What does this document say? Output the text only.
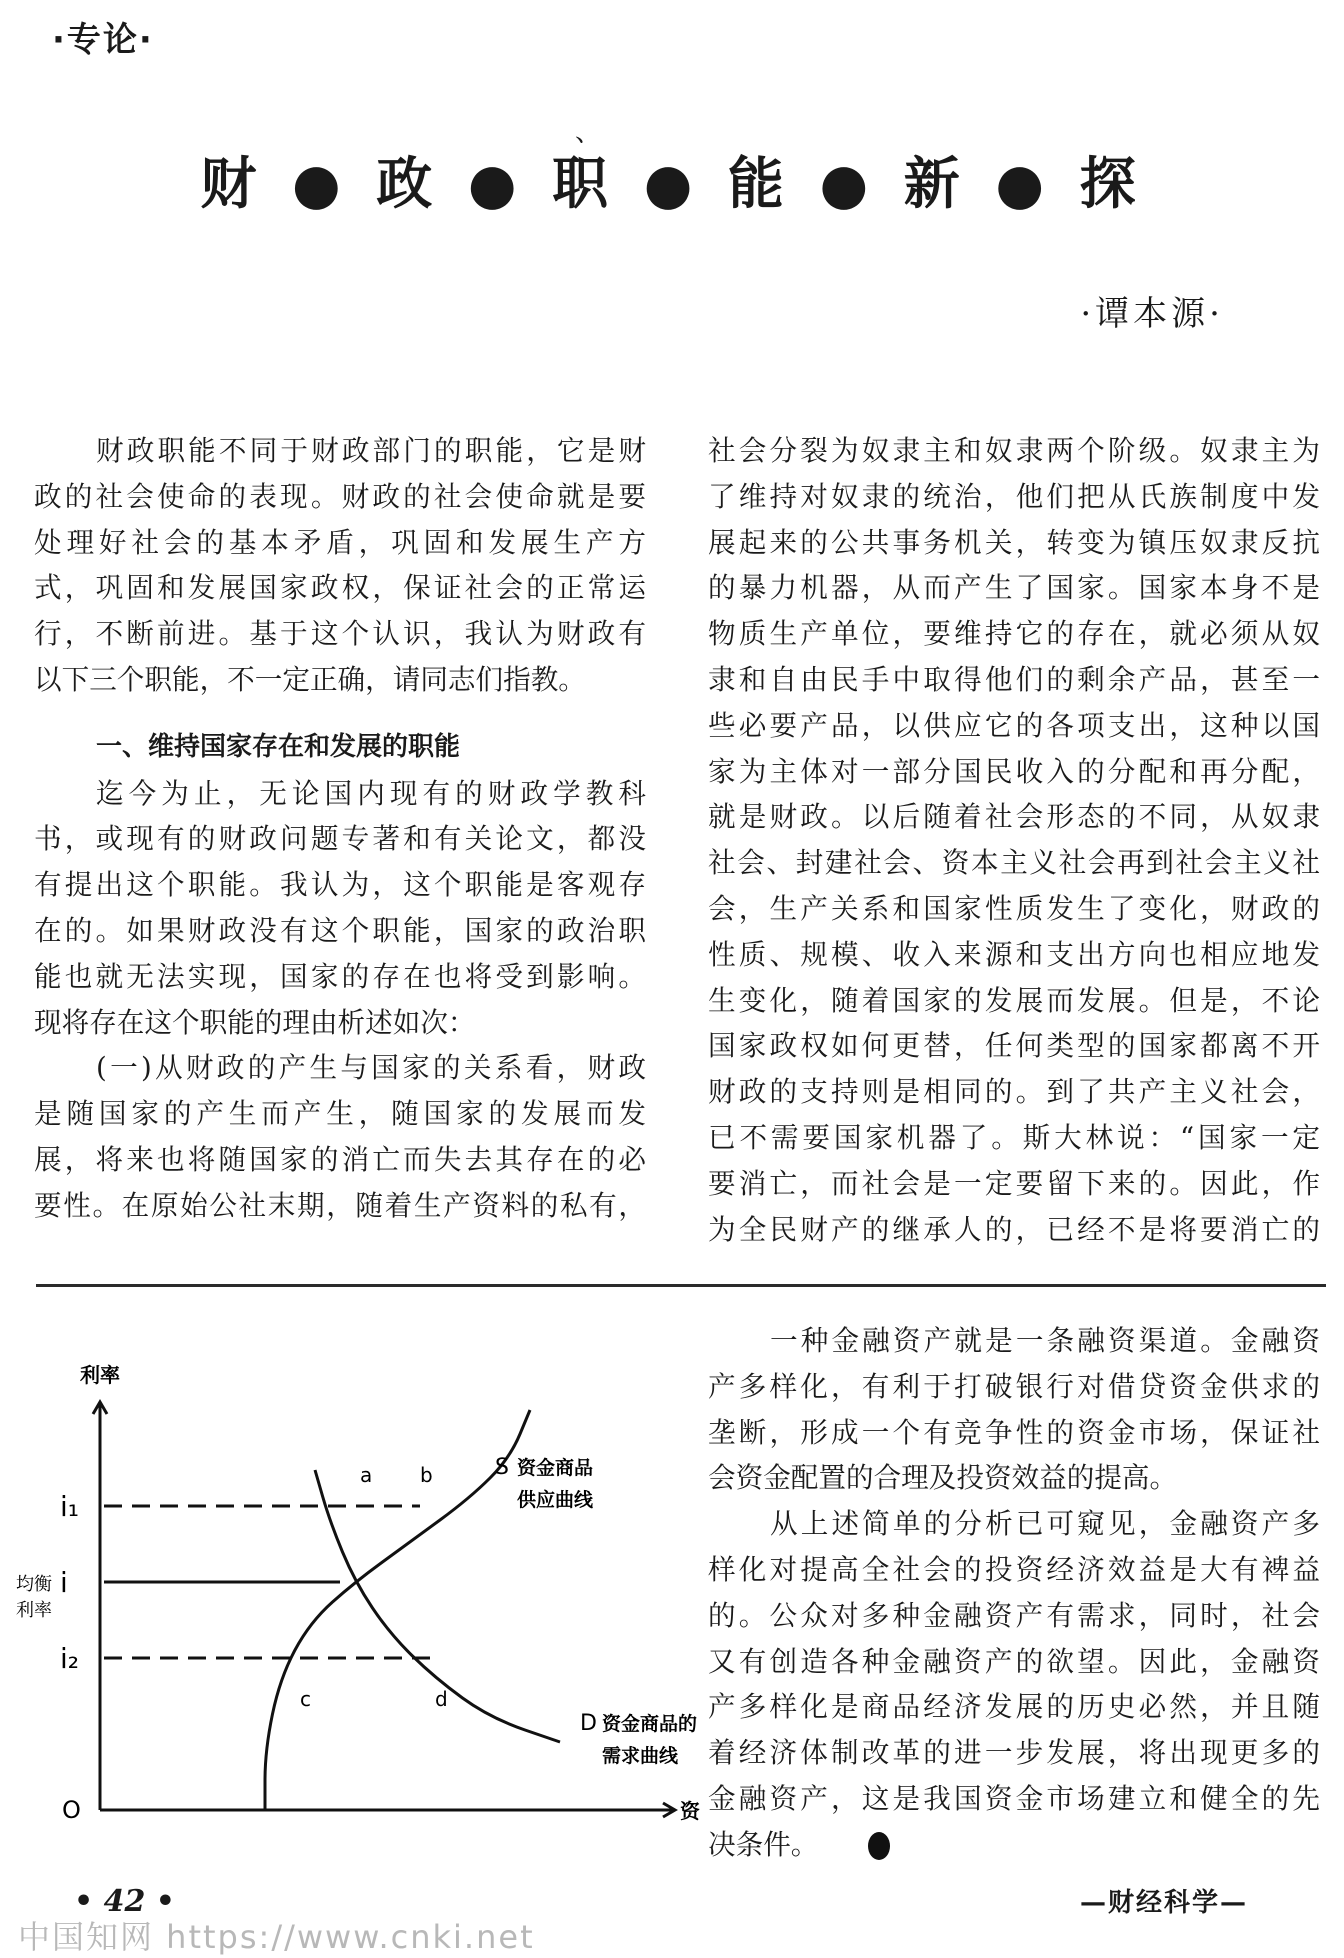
·专论·
、
财 ● 政 ● 职 ● 能 ● 新 ● 探
·谭本源·
财政职能不同于财政部门的职能，它是财
政的社会使命的表现。财政的社会使命就是要
处理好社会的基本矛盾，巩固和发展生产方
式，巩固和发展国家政权，保证社会的正常运
行，不断前进。基于这个认识，我认为财政有
以下三个职能，不一定正确，请同志们指教。
一、维持国家存在和发展的职能
迄今为止，无论国内现有的财政学教科
书，或现有的财政问题专著和有关论文，都没
有提出这个职能。我认为，这个职能是客观存
在的。如果财政没有这个职能，国家的政治职
能也就无法实现，国家的存在也将受到影响。
现将存在这个职能的理由析述如次：
(一)从财政的产生与国家的关系看，财政
是随国家的产生而产生，随国家的发展而发
展，将来也将随国家的消亡而失去其存在的必
要性。在原始公社末期，随着生产资料的私有，
社会分裂为奴隶主和奴隶两个阶级。奴隶主为
了维持对奴隶的统治，他们把从氏族制度中发
展起来的公共事务机关，转变为镇压奴隶反抗
的暴力机器，从而产生了国家。国家本身不是
物质生产单位，要维持它的存在，就必须从奴
隶和自由民手中取得他们的剩余产品，甚至一
些必要产品，以供应它的各项支出，这种以国
家为主体对一部分国民收入的分配和再分配，
就是财政。以后随着社会形态的不同，从奴隶
社会、封建社会、资本主义社会再到社会主义社
会，生产关系和国家性质发生了变化，财政的
性质、规模、收入来源和支出方向也相应地发
生变化，随着国家的发展而发展。但是，不论
国家政权如何更替，任何类型的国家都离不开
财政的支持则是相同的。到了共产主义社会，
已不需要国家机器了。斯大林说：“国家一定
要消亡，而社会是一定要留下来的。因此，作
为全民财产的继承人的，已经不是将要消亡的
利率
资
O
i₁
i
i₂
均衡
利率
S 资金商品
供应曲线
D 资金商品的
需求曲线
a b
c	d
一种金融资产就是一条融资渠道。金融资
产多样化，有利于打破银行对借贷资金供求的
垄断，形成一个有竞争性的资金市场，保证社
会资金配置的合理及投资效益的提高。
从上述简单的分析已可窥见，金融资产多
样化对提高全社会的投资经济效益是大有裨益
的。公众对多种金融资产有需求，同时，社会
又有创造各种金融资产的欲望。因此，金融资
产多样化是商品经济发展的历史必然，并且随
着经济体制改革的进一步发展，将出现更多的
金融资产，这是我国资金市场建立和健全的先
决条件。
• 42 •	—财经科学—
中国知网 https://www.cnki.net
